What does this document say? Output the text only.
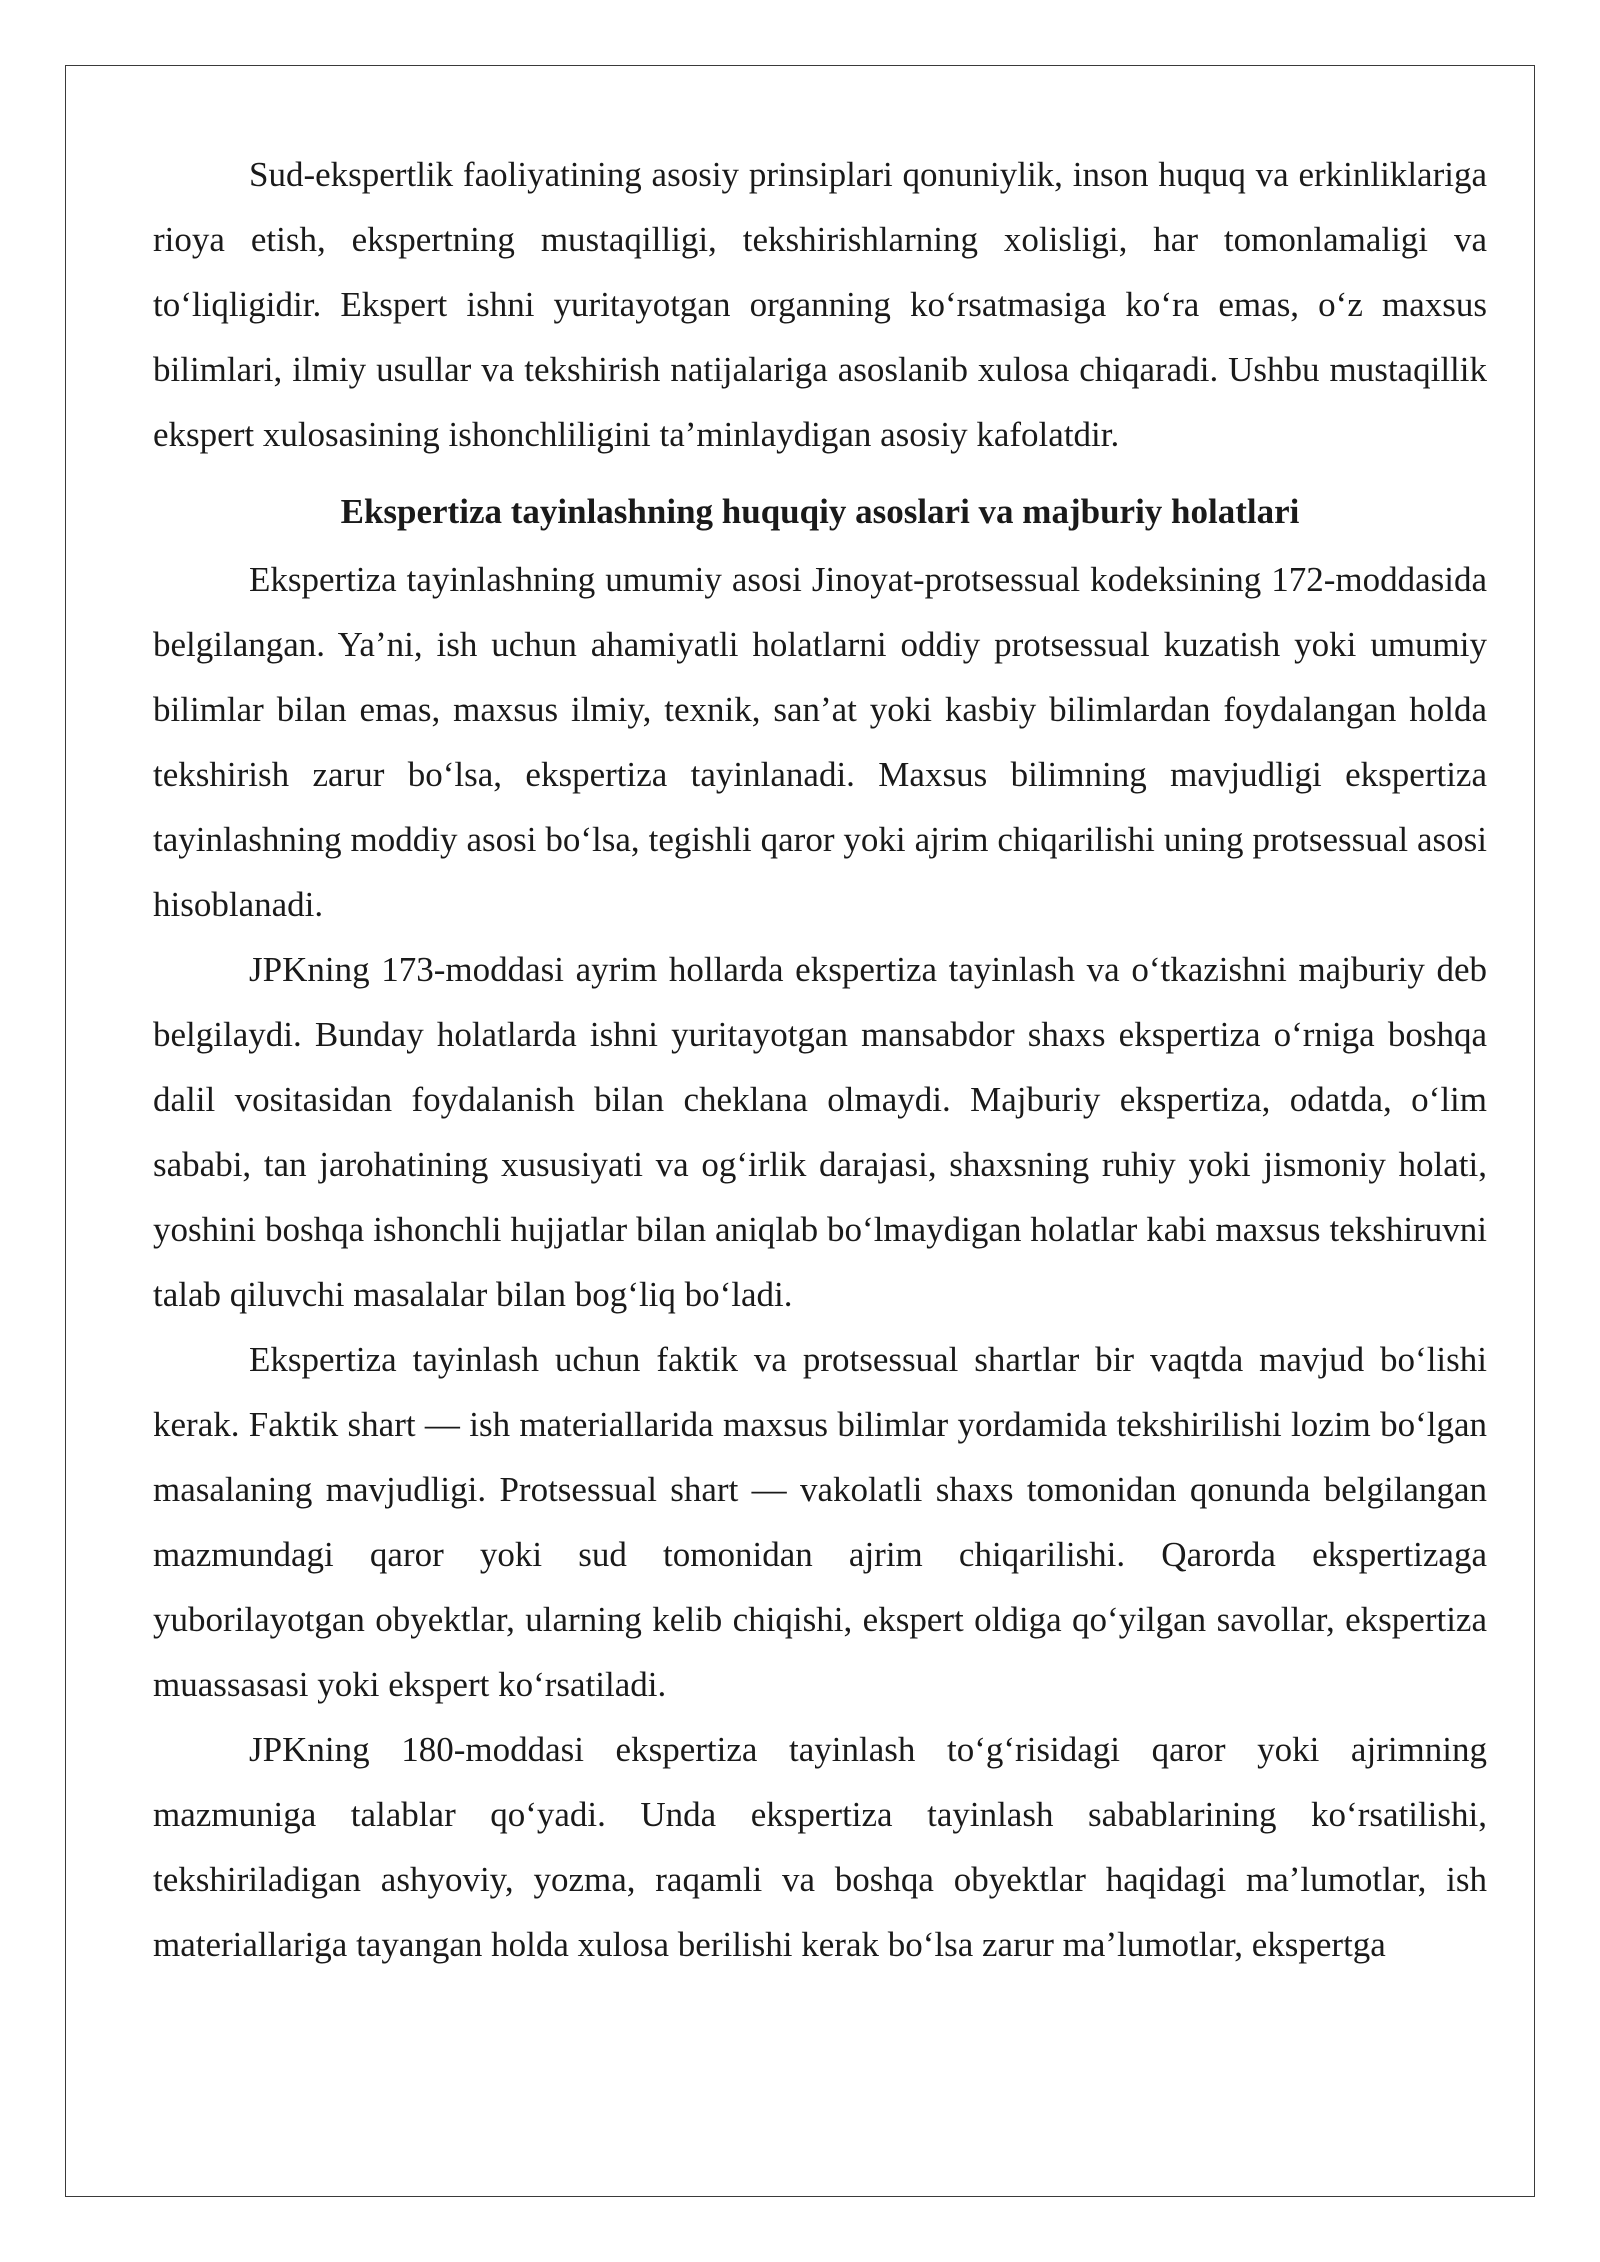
Sud-ekspertlik faoliyatining asosiy prinsiplari qonuniylik, inson huquq va erkinliklariga rioya etish, ekspertning mustaqilligi, tekshirishlarning xolisligi, har tomonlamaligi va toʻliqligidir. Ekspert ishni yuritayotgan organning koʻrsatmasiga koʻra emas, oʻz maxsus bilimlari, ilmiy usullar va tekshirish natijalariga asoslanib xulosa chiqaradi. Ushbu mustaqillik ekspert xulosasining ishonchliligini taʼminlaydigan asosiy kafolatdir.

Ekspertiza tayinlashning huquqiy asoslari va majburiy holatlari

Ekspertiza tayinlashning umumiy asosi Jinoyat-protsessual kodeksining 172-moddasida belgilangan. Yaʼni, ish uchun ahamiyatli holatlarni oddiy protsessual kuzatish yoki umumiy bilimlar bilan emas, maxsus ilmiy, texnik, sanʼat yoki kasbiy bilimlardan foydalangan holda tekshirish zarur boʻlsa, ekspertiza tayinlanadi. Maxsus bilimning mavjudligi ekspertiza tayinlashning moddiy asosi boʻlsa, tegishli qaror yoki ajrim chiqarilishi uning protsessual asosi hisoblanadi.

JPKning 173-moddasi ayrim hollarda ekspertiza tayinlash va oʻtkazishni majburiy deb belgilaydi. Bunday holatlarda ishni yuritayotgan mansabdor shaxs ekspertiza oʻrniga boshqa dalil vositasidan foydalanish bilan cheklana olmaydi. Majburiy ekspertiza, odatda, oʻlim sababi, tan jarohatining xususiyati va ogʻirlik darajasi, shaxsning ruhiy yoki jismoniy holati, yoshini boshqa ishonchli hujjatlar bilan aniqlab boʻlmaydigan holatlar kabi maxsus tekshiruvni talab qiluvchi masalalar bilan bogʻliq boʻladi.

Ekspertiza tayinlash uchun faktik va protsessual shartlar bir vaqtda mavjud boʻlishi kerak. Faktik shart — ish materiallarida maxsus bilimlar yordamida tekshirilishi lozim boʻlgan masalaning mavjudligi. Protsessual shart — vakolatli shaxs tomonidan qonunda belgilangan mazmundagi qaror yoki sud tomonidan ajrim chiqarilishi. Qarorda ekspertizaga yuborilayotgan obyektlar, ularning kelib chiqishi, ekspert oldiga qoʻyilgan savollar, ekspertiza muassasasi yoki ekspert koʻrsatiladi.

JPKning 180-moddasi ekspertiza tayinlash toʻgʻrisidagi qaror yoki ajrimning mazmuniga talablar qoʻyadi. Unda ekspertiza tayinlash sabablarining koʻrsatilishi, tekshiriladigan ashyoviy, yozma, raqamli va boshqa obyektlar haqidagi maʼlumotlar, ish materiallariga tayangan holda xulosa berilishi kerak boʻlsa zarur maʼlumotlar, ekspertga
